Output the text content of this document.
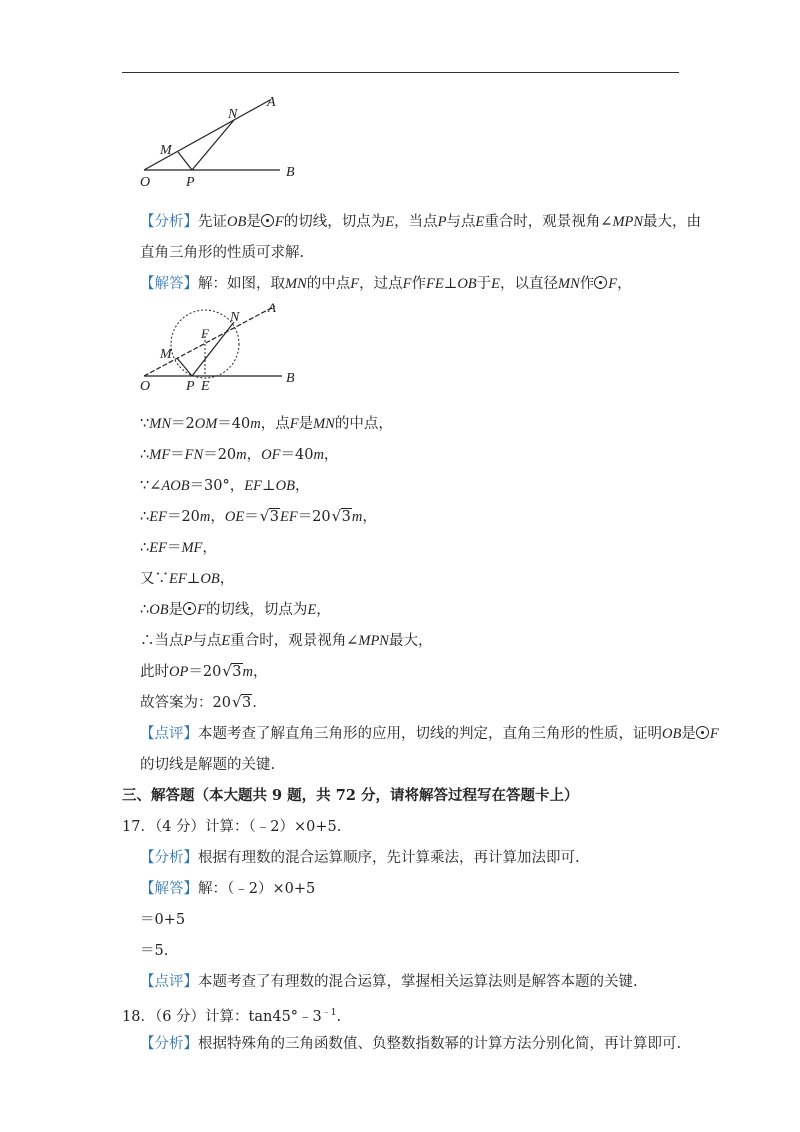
N
A
M
O	P
B
【分析】先证OB是 F的切线，切点为E，当点P与点E重合时，观景视角∠MPN最大，由
直角三角形的性质可求解.
【解答】解：如图，取MN的中点F，过点F作FE⊥OB于E，以直径MN作 F，
A
F
N
M
O	P E
B
∵MN＝2OM＝40m，点F是MN的中点，
∴MF＝FN＝20m，OF＝40m，
∵∠AOB＝30°，EF⊥OB，
∴EF＝20m，OE＝ √ 3EF＝20 √ 3m，
∴EF＝MF，
又∵EF⊥OB，
∴OB是 F的切线，切点为E，
∴当点P与点E重合时，观景视角∠MPN最大，
此时OP＝20 √ 3m，
故答案为：20 √ 3.
【点评】本题考查了解直角三角形的应用，切线的判定，直角三角形的性质，证明OB是 F
的切线是解题的关键.
三、解答题（本大题共 9 题，共 72 分，请将解答过程写在答题卡上）
17．（4 分）计算：（﹣2）×0+5.
【分析】根据有理数的混合运算顺序，先计算乘法，再计算加法即可.
【解答】解：（﹣2）×0+5
＝0+5
＝5.
【点评】本题考查了有理数的混合运算，掌握相关运算法则是解答本题的关键.
18．（6 分）计算：$\tan 45^\circ﹣3^{﹣1}$.
【分析】根据特殊角的三角函数值、负整数指数幂的计算方法分别化简，再计算即可.
